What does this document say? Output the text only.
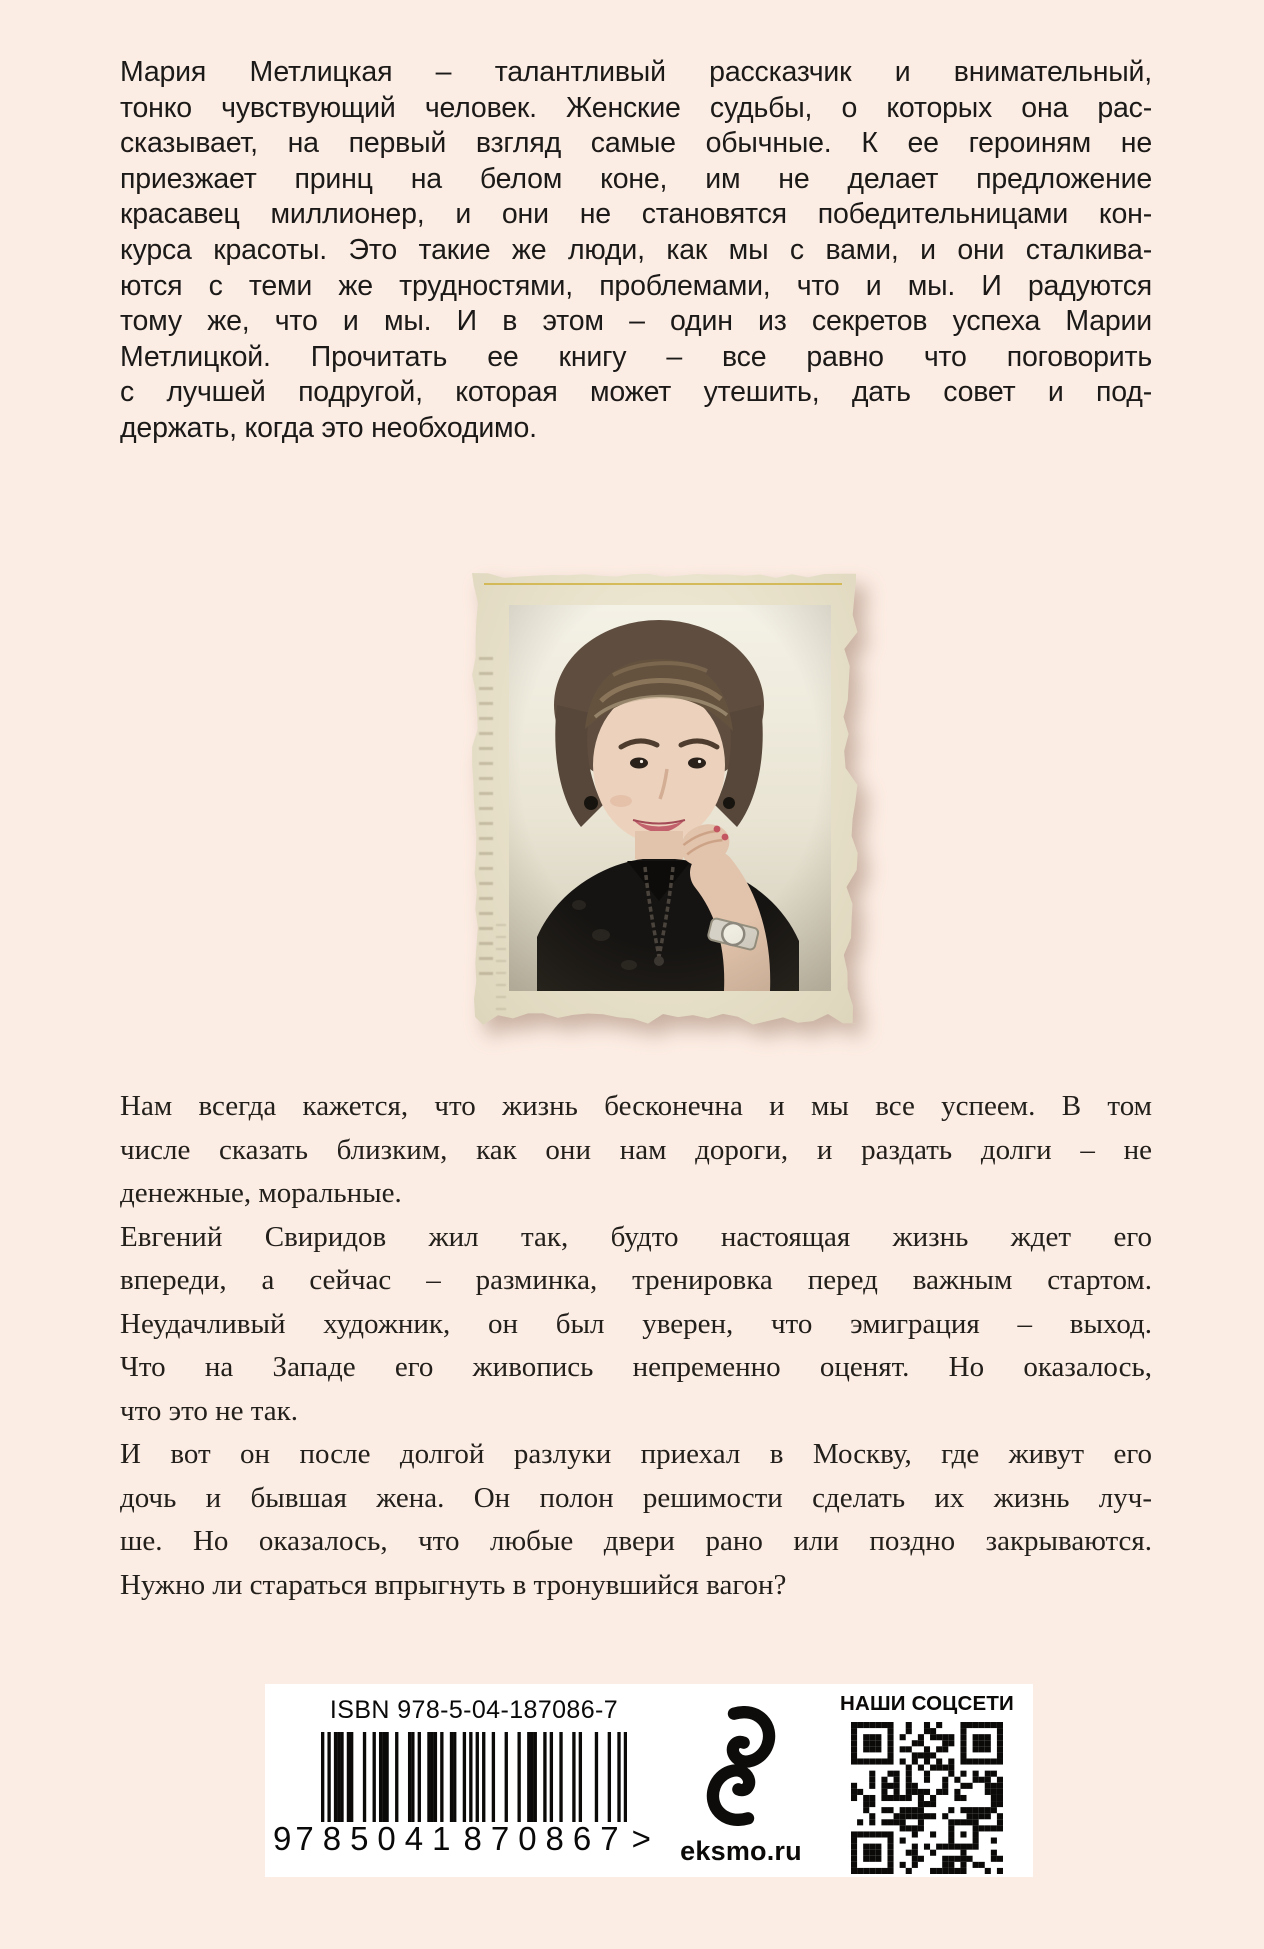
Мария Метлицкая – талантливый рассказчик и внимательный,
тонко чувствующий человек. Женские судьбы, о которых она рас-
сказывает, на первый взгляд самые обычные. К ее героиням не
приезжает принц на белом коне, им не делает предложение
красавец миллионер, и они не становятся победительницами кон-
курса красоты. Это такие же люди, как мы с вами, и они сталкива-
ются с теми же трудностями, проблемами, что и мы. И радуются
тому же, что и мы. И в этом – один из секретов успеха Марии
Метлицкой. Прочитать ее книгу – все равно что поговорить
с лучшей подругой, которая может утешить, дать совет и под-
держать, когда это необходимо.
Нам всегда кажется, что жизнь бесконечна и мы все успеем. В том
числе сказать близким, как они нам дороги, и раздать долги – не
денежные, моральные.
Евгений Свиридов жил так, будто настоящая жизнь ждет его
впереди, а сейчас – разминка, тренировка перед важным стартом.
Неудачливый художник, он был уверен, что эмиграция – выход.
Что на Западе его живопись непременно оценят. Но оказалось,
что это не так.
И вот он после долгой разлуки приехал в Москву, где живут его
дочь и бывшая жена. Он полон решимости сделать их жизнь луч-
ше. Но оказалось, что любые двери рано или поздно закрываются.
Нужно ли стараться впрыгнуть в тронувшийся вагон?
ISBN 978-5-04-187086-7
9 785041 870867 > eksmo.ru
НАШИ СОЦСЕТИ
